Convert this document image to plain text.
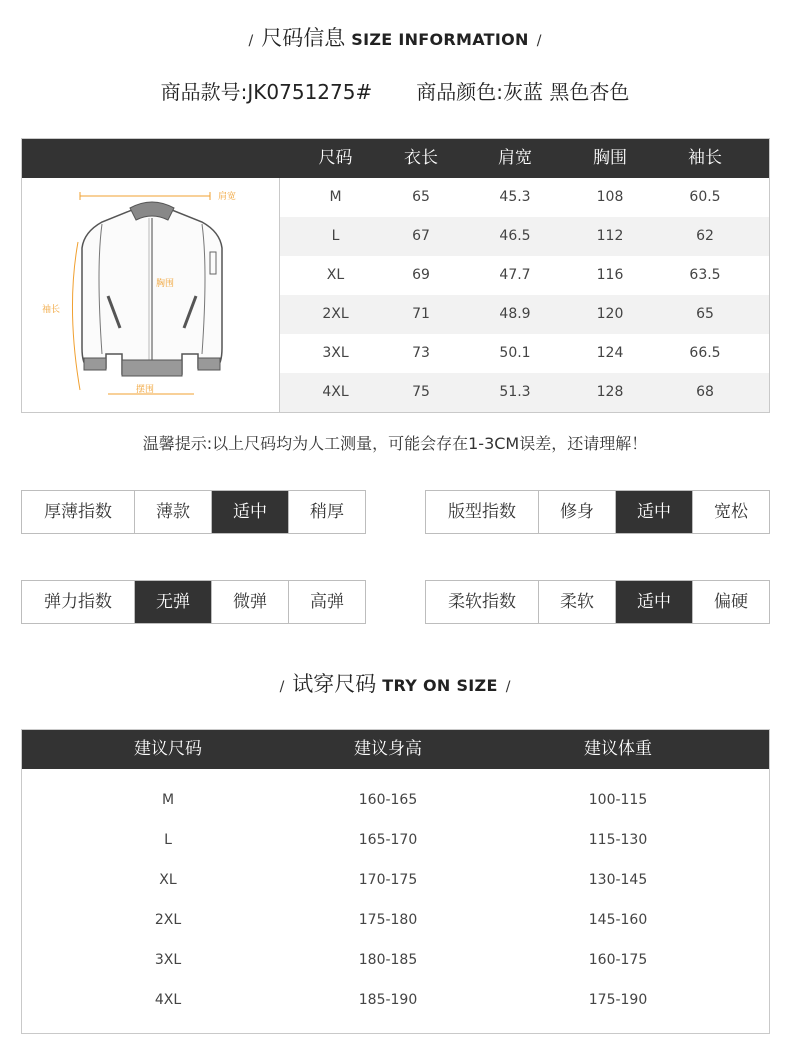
/ 尺码信息 SIZE INFORMATION /
商品款号:JK0751275# 商品颜色:灰蓝 黑色杏色
尺码	衣长	肩宽	胸围	袖长
肩宽
胸围
袖长
摆围
M	65	45.3	108	60.5
L	67	46.5	112	62
XL	69	47.7	116	63.5
2XL	71	48.9	120	65
3XL	73	50.1	124	66.5
4XL	75	51.3	128	68
温馨提示:以上尺码均为人工测量，可能会存在1-3CM误差，还请理解！
厚薄指数	薄款	适中	稍厚	版型指数	修身	适中	宽松
弹力指数	无弹	微弹	高弹	柔软指数	柔软	适中	偏硬
/ 试穿尺码 TRY ON SIZE /
建议尺码	建议身高	建议体重
M	160-165	100-115
L	165-170	115-130
XL	170-175	130-145
2XL	175-180	145-160
3XL	180-185	160-175
4XL	185-190	175-190
